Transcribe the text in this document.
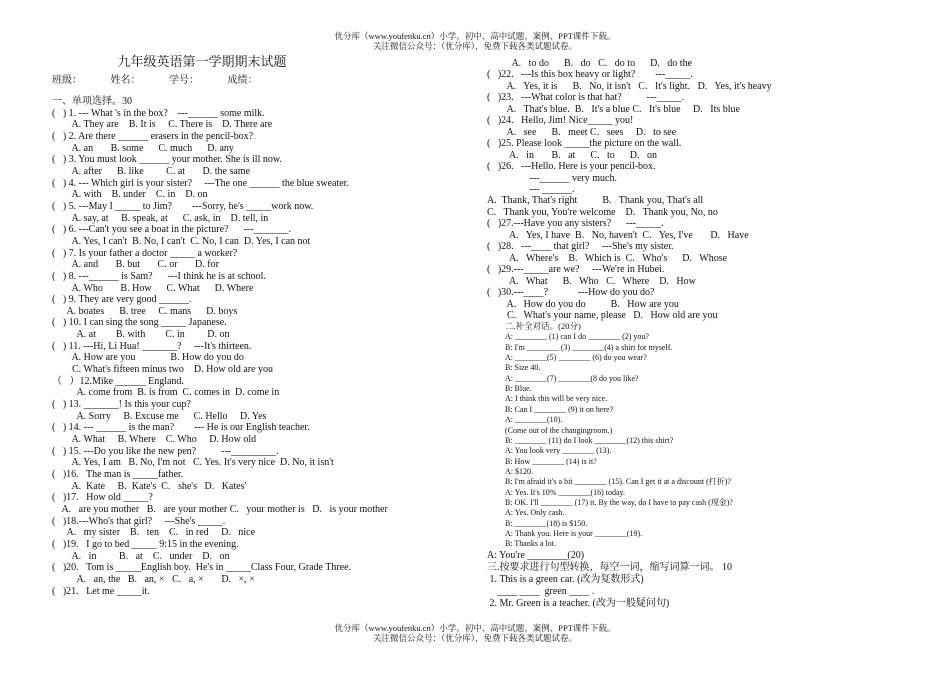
优分库（www.youfenku.cn）小学、初中、高中试题、案例、PPT课件下载。
关注微信公众号：（优分库），免费下载各类试题试卷。
九年级英语第一学期期末试题
班级：	姓名：	学号：	成绩：
一、单项选择。30
(   ) 1. --- What 's in the box?    ---______ some milk.
A. They are    B. It is     C. There is    D. There are
(   ) 2. Are there ______ erasers in the pencil-box?
A. an       B. some      C. much      D. any
(   ) 3. You must look ______ your mother. She is ill now.
A. after      B. like         C. at       D. the same
(   ) 4. --- Which girl is your sister?     ---The one ______ the blue sweater.
A. with    B. under    C. in    D. on
(   ) 5. ---May I _____ to Jim?        ---Sorry, he's _____work now.
A. say, at     B. speak, at      C. ask, in    D. tell, in
(   ) 6. ---Can't you see a boat in the picture?      ---_______.
A. Yes, I can't  B. No, I can't  C. No, I can  D. Yes, I can not
(   ) 7. Is your father a doctor _____ a worker?
A. and       B. but       C. or       D. for
(   ) 8. ---______ is Sam?      ---I think he is at school.
A. Who       B. How      C. What      D. Where
(   ) 9. They are very good ______.
A. boates      B. tree     C. mans      D. boys
(   ) 10. I can sing the song _____ Japanese.
A. at        B. with        C. in         D. on
(   ) 11. ---Hi, Li Hua! _______?     ---It's thirteen.
A. How are you              B. How do you do
C. What's fifteen minus two    D. How old are you
（   ）12.Mike ______ England.
A. come from  B. is from  C. comes in  D. come in
(   ) 13. _______! Is this your cup?
A. Sorry     B. Excuse me      C. Hello     D. Yes
(   ) 14. --- ______ is the man?        --- He is our English teacher.
A. What     B. Where    C. Who     D. How old
(   ) 15. ---Do you like the new pen?          ---_________.
A. Yes, I am   B. No, I'm not   C. Yes. It's very nice  D. No, it isn't
(   )16.   The man is _____father.
A.  Kate     B.  Kate's  C.   she's   D.   Kates'
(   )17.   How old _____?
A.   are you mother   B.   are your mother C.   your mother is   D.   is your mother
(   )18.---Who's that girl?     ---She's _____.
A.   my sister    B.   ten    C.   in red     D.   nice
(   )19.   I go to bed _____ 9:15 in the evening.
A.   in         B.   at    C.   under    D.   on
(   )20.   Tom is _____English boy.  He's in _____Class Four, Grade Three.
A.   an, the   B.   an, ×   C.   a, ×       D.   ×, ×
(   )21.   Let me _____it.
A.   to do      B.   do   C.   do to      D.   do the
(   )22.   ---Is this box heavy or light?        ---_____.
A.   Yes, it is      B.   No, it isn't   C.   It's light.   D.   Yes, it's heavy
(   )23.   ---What color is that hat?          ---_____.
A.   That's blue.  B.   It's a blue C.   It's blue     D.   Its blue
(   )24.   Hello, Jim! Nice_____ you!
A.   see      B.   meet C.   sees     D.   to see
(   )25. Please look _____the picture on the wall.
A.   in       B.   at      C.   to      D.   on
(   )26.   ---Hello. Here is your pencil-box.
---______ very much.
--- ______.
A.  Thank, That's right          B.   Thank you, That's all
C.   Thank you, You're welcome    D.   Thank you, No, no
(   )27.---Have you any sisters?      ---_____.
A.   Yes, I have  B.   No, haven't  C.   Yes, I've       D.   Have
(   )28.   ---____ that girl?     ---She's my sister.
A.   Where's    B.   Which is  C.   Who's      D.   Whose
(   )29.---_____are we?     ---We're in Hubei.
A.   What      B.   Who   C.   Where    D.   How
(   )30.---____?            ---How do you do?
A．How do you do          B.   How are you
C.   What's your name, please   D.   How old are you
二.补全对话。(20分)
A: ________ (1) can I do ________ (2) you?
B: I'm ________ (3) ________(4) a shirt for myself.
A: ________(5) ________ (6) do you wear?
B: Size 40.
A: ________(7) ________(8 do you like?
B: Blue.
A: I think this will be very nice.
B: Can I ________ (9) it on here?
A: ________(10).
(Come out of the changingroom.)
B: ________ (11) do I look ________(12) this shirt?
A: You look very ________ (13).
B: How ________ (14) is it?
A: $120.
B: I'm afraid it's a bit ________ (15). Can I get it at a discount (打折)?
A: Yes. It's 10% ________(16) today.
B: OK. I'll ________ (17) it. By the way, do I have to pay cash (现金)?
A: Yes. Only cash.
B: ________(18) is $150.
A: Thank you. Here is your ________(19).
B: Thanks a lot.
A: You're ________(20)
三.按要求进行句型转换，每空一词，缩写词算一词。 10
1. This is a green car. (改为复数形式)
____ ____  green ____ .
2. Mr. Green is a teacher. (改为一般疑问句)
优分库（www.youfenku.cn）小学、初中、高中试题、案例、PPT课件下载。
关注微信公众号：（优分库），免费下载各类试题试卷。
